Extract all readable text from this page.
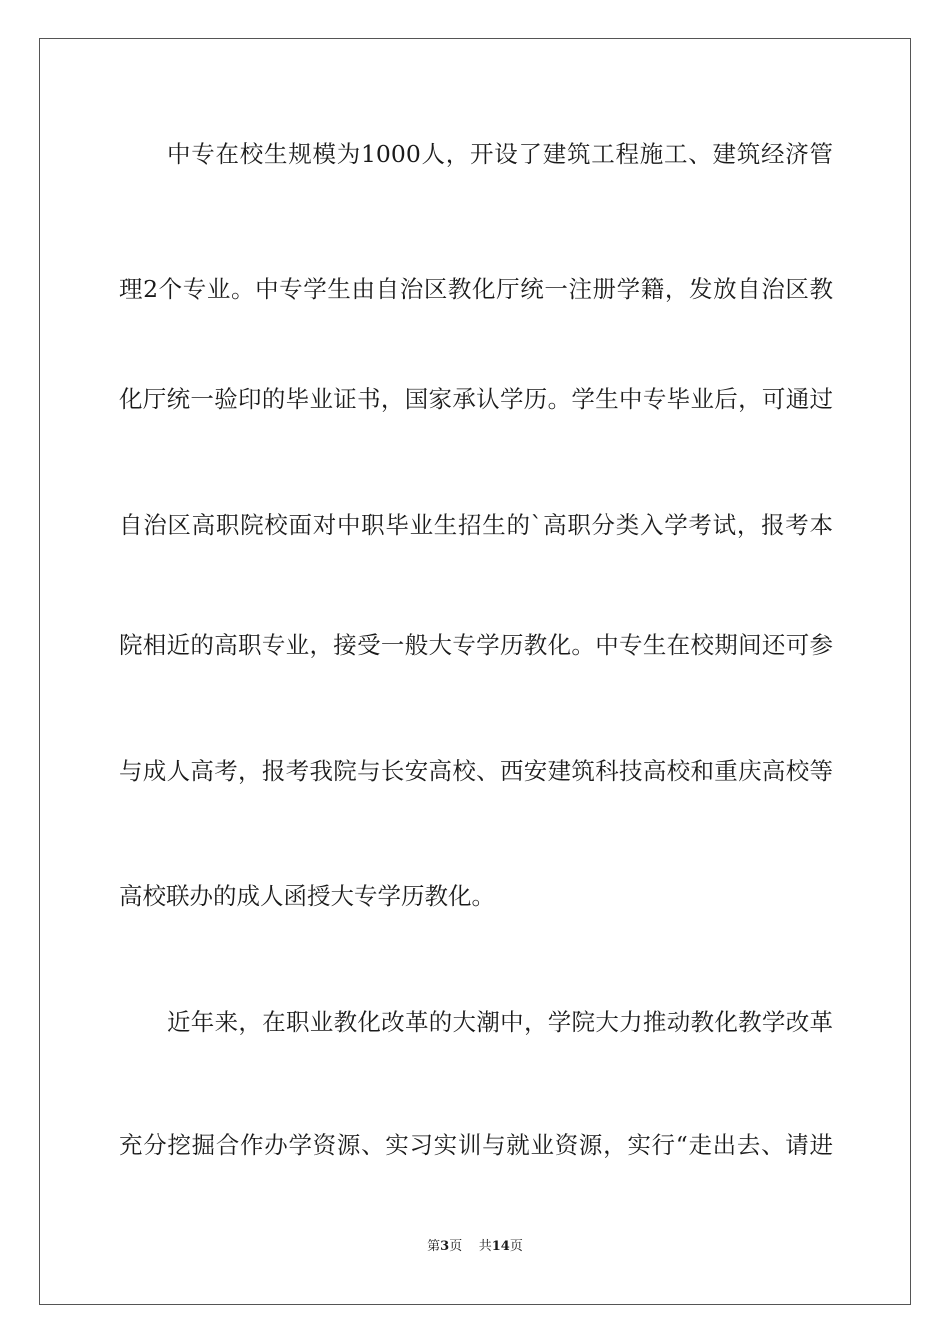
中专在校生规模为1000人，开设了建筑工程施工、建筑经济管
理2个专业。中专学生由自治区教化厅统一注册学籍，发放自治区教
化厅统一验印的毕业证书，国家承认学历。学生中专毕业后，可通过
自治区高职院校面对中职毕业生招生的`高职分类入学考试，报考本
院相近的高职专业，接受一般大专学历教化。中专生在校期间还可参
与成人高考，报考我院与长安高校、西安建筑科技高校和重庆高校等
高校联办的成人函授大专学历教化。
近年来，在职业教化改革的大潮中，学院大力推动教化教学改革
充分挖掘合作办学资源、实习实训与就业资源，实行“走出去、请进
第3页 共14页
